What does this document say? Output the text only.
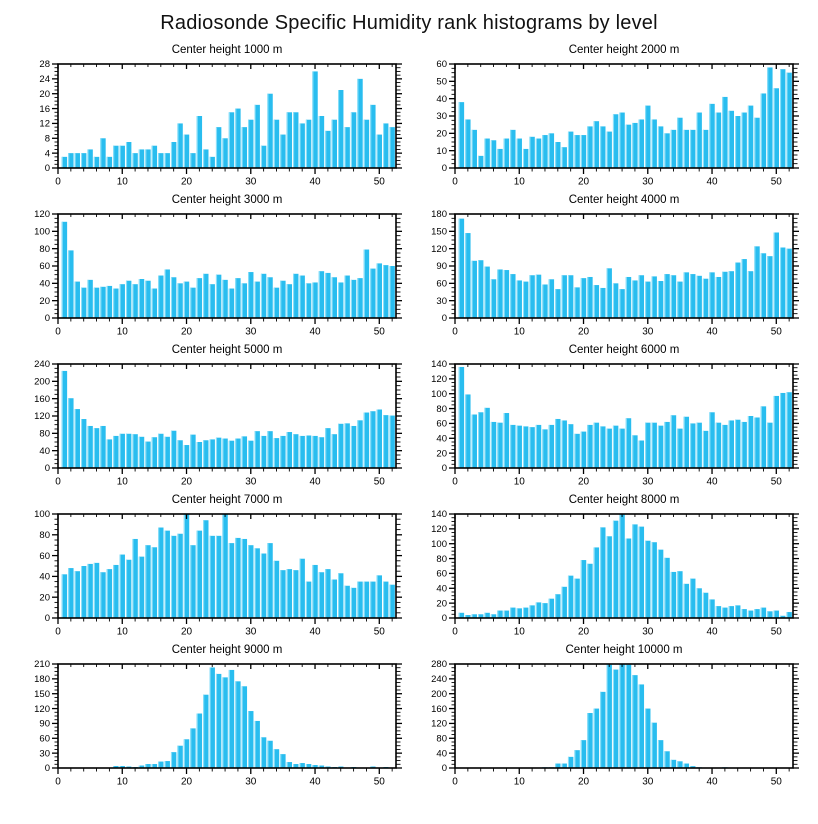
Radiosonde Specific Humidity rank histograms by level
Center height 1000 m
0	10	20	30	40	50
0
4
8
12
16
20
24
28
Center height 2000 m
0	10	20	30	40	50
0
10
20
30
40
50
60
Center height 3000 m
0	10	20	30	40	50
0
20
40
60
80
100
120
Center height 4000 m
0	10	20	30	40	50
0
30
60
90
120
150
180
Center height 5000 m
0	10	20	30	40	50
0
40
80
120
160
200
240
Center height 6000 m
0	10	20	30	40	50
0
20
40
60
80
100
120
140
Center height 7000 m
0	10	20	30	40	50
0
20
40
60
80
100
Center height 8000 m
0	10	20	30	40	50
0
20
40
60
80
100
120
140
Center height 9000 m
0	10	20	30	40	50
0
30
60
90
120
150
180
210
Center height 10000 m
0	10	20	30	40	50
0
40
80
120
160
200
240
280
